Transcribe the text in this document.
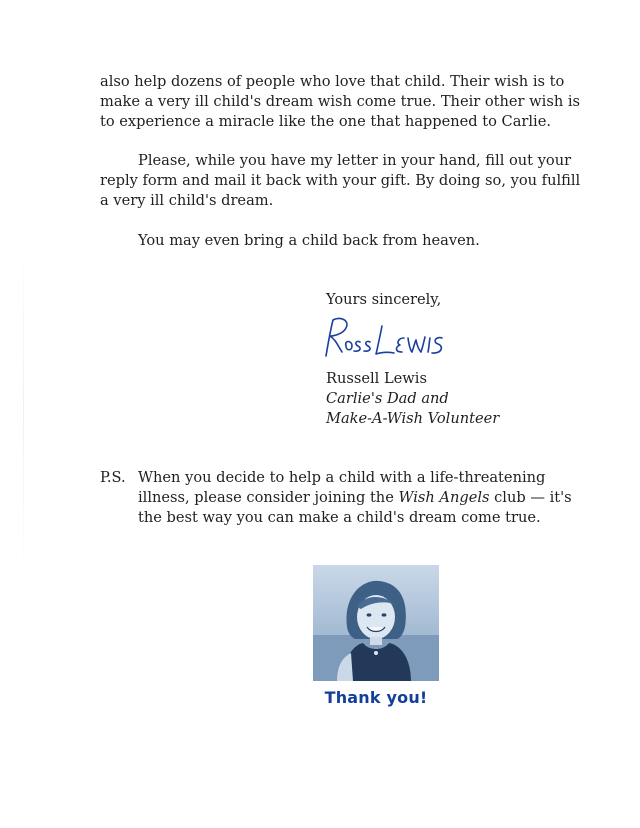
also help dozens of people who love that child. Their wish is to
make a very ill child's dream wish come true. Their other wish is
to experience a miracle like the one that happened to Carlie.

Please, while you have my letter in your hand, fill out your
reply form and mail it back with your gift. By doing so, you fulfill
a very ill child's dream.

You may even bring a child back from heaven.

Yours sincerely,
Russell Lewis
Carlie's Dad and
Make-A-Wish Volunteer
P.S. When you decide to help a child with a life-threatening
illness, please consider joining the Wish Angels club — it's
the best way you can make a child's dream come true.
Thank you!
